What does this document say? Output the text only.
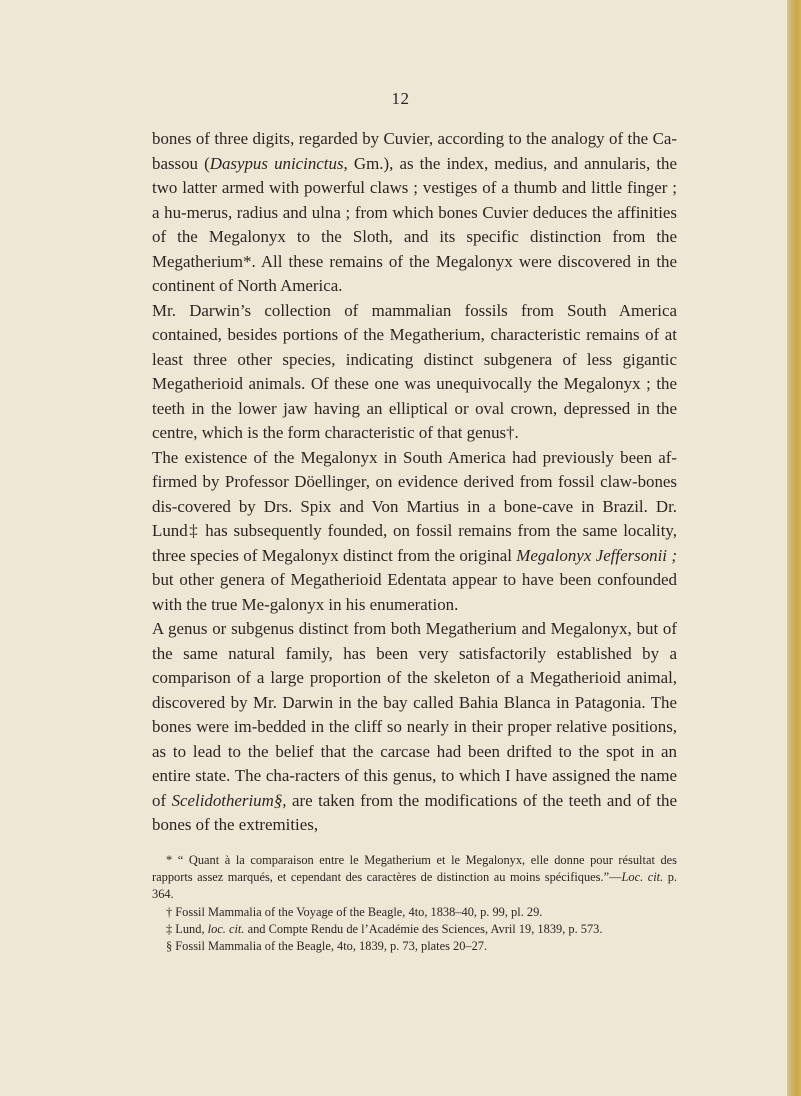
12

bones of three digits, regarded by Cuvier, according to the analogy of the Ca-bassou (Dasypus unicinctus, Gm.), as the index, medius, and annularis, the two latter armed with powerful claws ; vestiges of a thumb and little finger ; a hu-merus, radius and ulna ; from which bones Cuvier deduces the affinities of the Megalonyx to the Sloth, and its specific distinction from the Megatherium*. All these remains of the Megalonyx were discovered in the continent of North America.

Mr. Darwin’s collection of mammalian fossils from South America contained, besides portions of the Megatherium, characteristic remains of at least three other species, indicating distinct subgenera of less gigantic Megatherioid animals. Of these one was unequivocally the Megalonyx ; the teeth in the lower jaw having an elliptical or oval crown, depressed in the centre, which is the form characteristic of that genus†.

The existence of the Megalonyx in South America had previously been af-firmed by Professor Döellinger, on evidence derived from fossil claw-bones dis-covered by Drs. Spix and Von Martius in a bone-cave in Brazil. Dr. Lund‡ has subsequently founded, on fossil remains from the same locality, three species of Megalonyx distinct from the original Megalonyx Jeffersonii ; but other genera of Megatherioid Edentata appear to have been confounded with the true Me-galonyx in his enumeration.

A genus or subgenus distinct from both Megatherium and Megalonyx, but of the same natural family, has been very satisfactorily established by a comparison of a large proportion of the skeleton of a Megatherioid animal, discovered by Mr. Darwin in the bay called Bahia Blanca in Patagonia. The bones were im-bedded in the cliff so nearly in their proper relative positions, as to lead to the belief that the carcase had been drifted to the spot in an entire state. The cha-racters of this genus, to which I have assigned the name of Scelidotherium§, are taken from the modifications of the teeth and of the bones of the extremities,

* “ Quant à la comparaison entre le Megatherium et le Megalonyx, elle donne pour résultat des rapports assez marqués, et cependant des caractères de distinction au moins spécifiques.”—Loc. cit. p. 364.

† Fossil Mammalia of the Voyage of the Beagle, 4to, 1838–40, p. 99, pl. 29.

‡ Lund, loc. cit. and Compte Rendu de l’Académie des Sciences, Avril 19, 1839, p. 573.

§ Fossil Mammalia of the Beagle, 4to, 1839, p. 73, plates 20–27.
